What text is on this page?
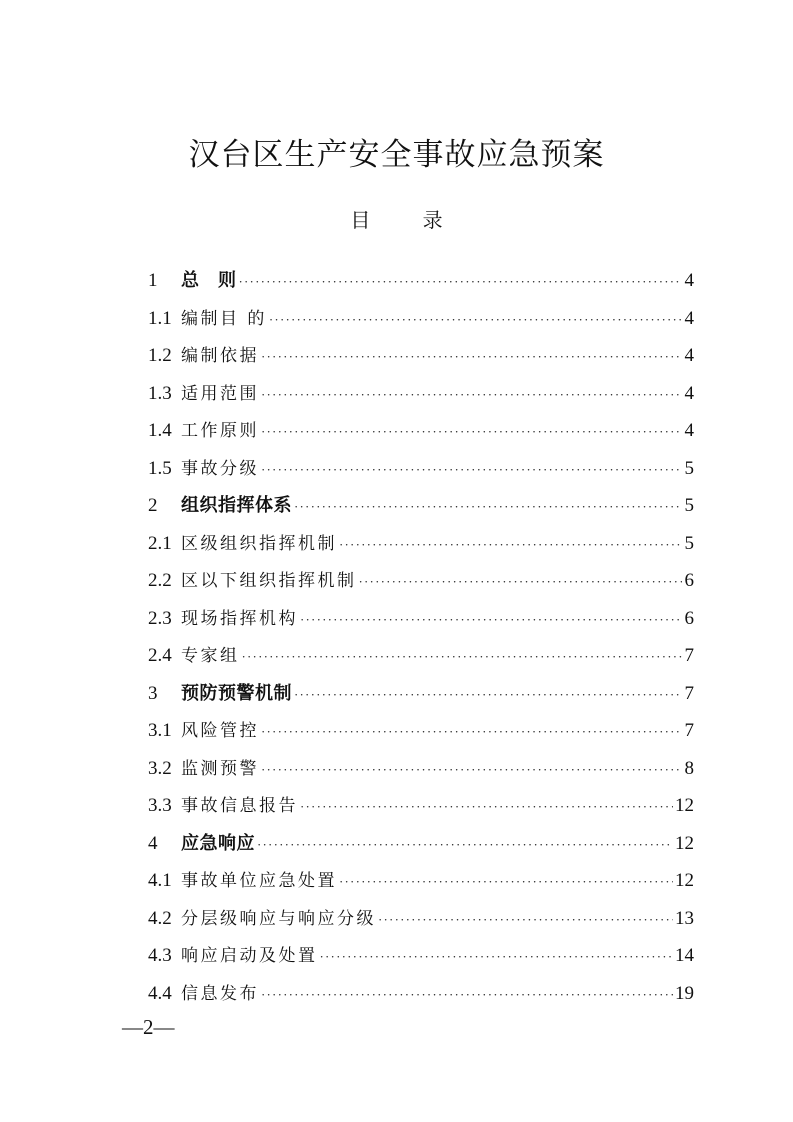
汉台区生产安全事故应急预案
目 录
1	总　则 ·····	4
1.1 编制目 的 ·····	4
1.2 编制依据 ·····	4
1.3 适用范围 ·····	4
1.4 工作原则 ·····	4
1.5 事故分级 ·····	5
2	组织指挥体系 ·····	5
2.1 区级组织指挥机制 ·····	5
2.2 区以下组织指挥机制 ·····	6
2.3 现场指挥机构 ·····	6
2.4 专家组 ·····	7
3	预防预警机制 ·····	7
3.1 风险管控 ·····	7
3.2 监测预警 ·····	8
3.3 事故信息报告 ·····	12
4	应急响应 ·····	12
4.1 事故单位应急处置 ·····	12
4.2 分层级响应与响应分级 ·····	13
4.3 响应启动及处置 ·····	14
4.4 信息发布 ·····	19
—2—
